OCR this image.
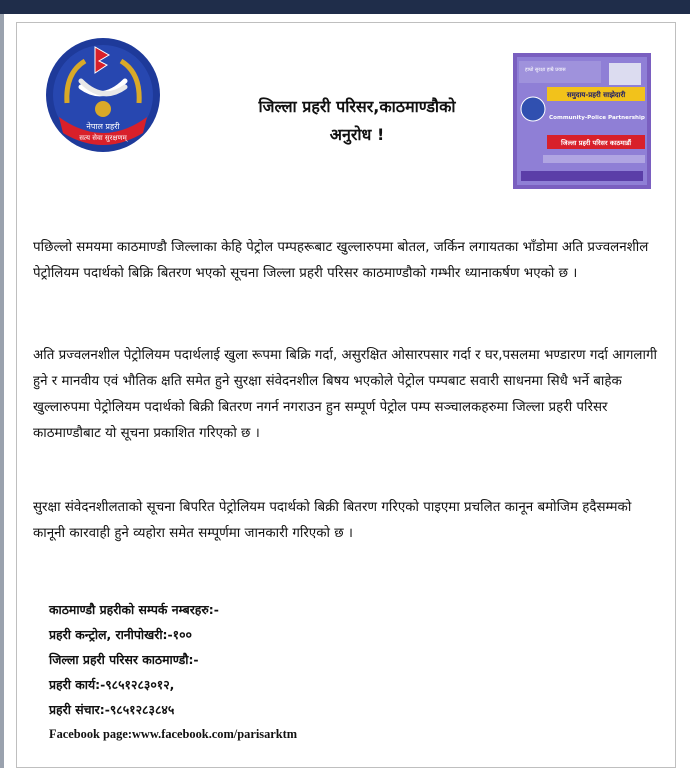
नेपाल प्रहरी
सत्य सेवा सुरक्षणम्
जिल्ला प्रहरी परिसर,काठमाण्डौको
अनुरोध !
हाम्रो सुरक्षा हाम्रै प्रयास
समुदाय-प्रहरी साझेदारी
Community-Police Partnership
जिल्ला प्रहरी परिसर काठमाडौं

पछिल्लो समयमा काठमाण्डौ जिल्लाका केहि पेट्रोल पम्पहरूबाट खुल्लारुपमा बोतल, जर्किन लगायतका भाँडोमा अति प्रज्वलनशील पेट्रोलियम पदार्थको बिक्रि बितरण भएको सूचना जिल्ला प्रहरी परिसर काठमाण्डौको गम्भीर ध्यानाकर्षण भएको छ ।

अति प्रज्वलनशील पेट्रोलियम पदार्थलाई खुला रूपमा बिक्रि गर्दा, असुरक्षित ओसारपसार गर्दा र घर,पसलमा भण्डारण गर्दा आगलागी हुने र मानवीय एवं भौतिक क्षति समेत हुने सुरक्षा संवेदनशील बिषय भएकोले पेट्रोल पम्पबाट सवारी साधनमा सिधै भर्ने बाहेक खुल्लारुपमा पेट्रोलियम पदार्थको बिक्री बितरण नगर्न नगराउन हुन सम्पूर्ण पेट्रोल पम्प सञ्चालकहरुमा जिल्ला प्रहरी परिसर काठमाण्डौबाट यो सूचना प्रकाशित गरिएको छ ।

सुरक्षा संवेदनशीलताको सूचना बिपरित पेट्रोलियम पदार्थको बिक्री बितरण गरिएको पाइएमा प्रचलित कानून बमोजिम हदैसम्मको कानूनी कारवाही हुने व्यहोरा समेत सम्पूर्णमा जानकारी गरिएको छ ।

काठमाण्डौ प्रहरीको सम्पर्क नम्बरहरु:-
प्रहरी कन्ट्रोल, रानीपोखरी:-१००
जिल्ला प्रहरी परिसर काठमाण्डौ:-
प्रहरी कार्य:-९८५१२८३०१२,
प्रहरी संचार:-९८५१२८३८४५
Facebook page:www.facebook.com/parisarktm
